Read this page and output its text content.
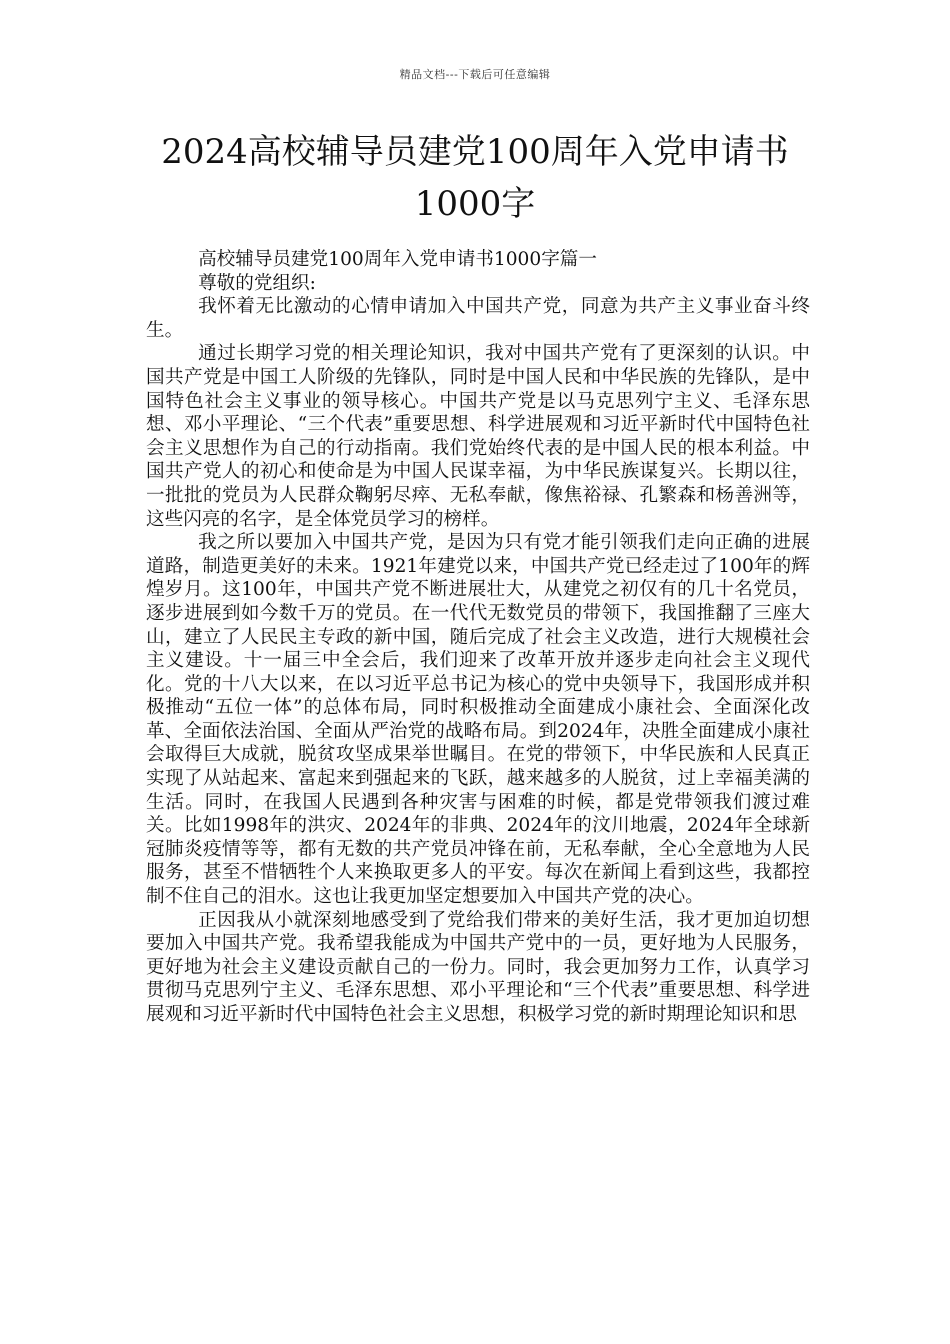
精品文档---下载后可任意编辑
2024高校辅导员建党100周年入党申请书
1000字

高校辅导员建党100周年入党申请书1000字篇一

尊敬的党组织:

我怀着无比激动的心情申请加入中国共产党，同意为共产主义事业奋斗终生。

通过长期学习党的相关理论知识，我对中国共产党有了更深刻的认识。中国共产党是中国工人阶级的先锋队，同时是中国人民和中华民族的先锋队，是中国特色社会主义事业的领导核心。中国共产党是以马克思列宁主义、毛泽东思想、邓小平理论、“三个代表”重要思想、科学进展观和习近平新时代中国特色社会主义思想作为自己的行动指南。我们党始终代表的是中国人民的根本利益。中国共产党人的初心和使命是为中国人民谋幸福，为中华民族谋复兴。长期以往，一批批的党员为人民群众鞠躬尽瘁、无私奉献，像焦裕禄、孔繁森和杨善洲等，这些闪亮的名字，是全体党员学习的榜样。

我之所以要加入中国共产党，是因为只有党才能引领我们走向正确的进展道路，制造更美好的未来。1921年建党以来，中国共产党已经走过了100年的辉煌岁月。这100年，中国共产党不断进展壮大，从建党之初仅有的几十名党员，逐步进展到如今数千万的党员。在一代代无数党员的带领下，我国推翻了三座大山，建立了人民民主专政的新中国，随后完成了社会主义改造，进行大规模社会主义建设。十一届三中全会后，我们迎来了改革开放并逐步走向社会主义现代化。党的十八大以来，在以习近平总书记为核心的党中央领导下，我国形成并积极推动“五位一体”的总体布局，同时积极推动全面建成小康社会、全面深化改革、全面依法治国、全面从严治党的战略布局。到2024年，决胜全面建成小康社会取得巨大成就，脱贫攻坚成果举世瞩目。在党的带领下，中华民族和人民真正实现了从站起来、富起来到强起来的飞跃，越来越多的人脱贫，过上幸福美满的生活。同时，在我国人民遇到各种灾害与困难的时候，都是党带领我们渡过难关。比如1998年的洪灾、2024年的非典、2024年的汶川地震，2024年全球新冠肺炎疫情等等，都有无数的共产党员冲锋在前，无私奉献，全心全意地为人民服务，甚至不惜牺牲个人来换取更多人的平安。每次在新闻上看到这些，我都控制不住自己的泪水。这也让我更加坚定想要加入中国共产党的决心。

正因我从小就深刻地感受到了党给我们带来的美好生活，我才更加迫切想要加入中国共产党。我希望我能成为中国共产党中的一员，更好地为人民服务，更好地为社会主义建设贡献自己的一份力。同时，我会更加努力工作，认真学习贯彻马克思列宁主义、毛泽东思想、邓小平理论和“三个代表”重要思想、科学进展观和习近平新时代中国特色社会主义思想，积极学习党的新时期理论知识和思
